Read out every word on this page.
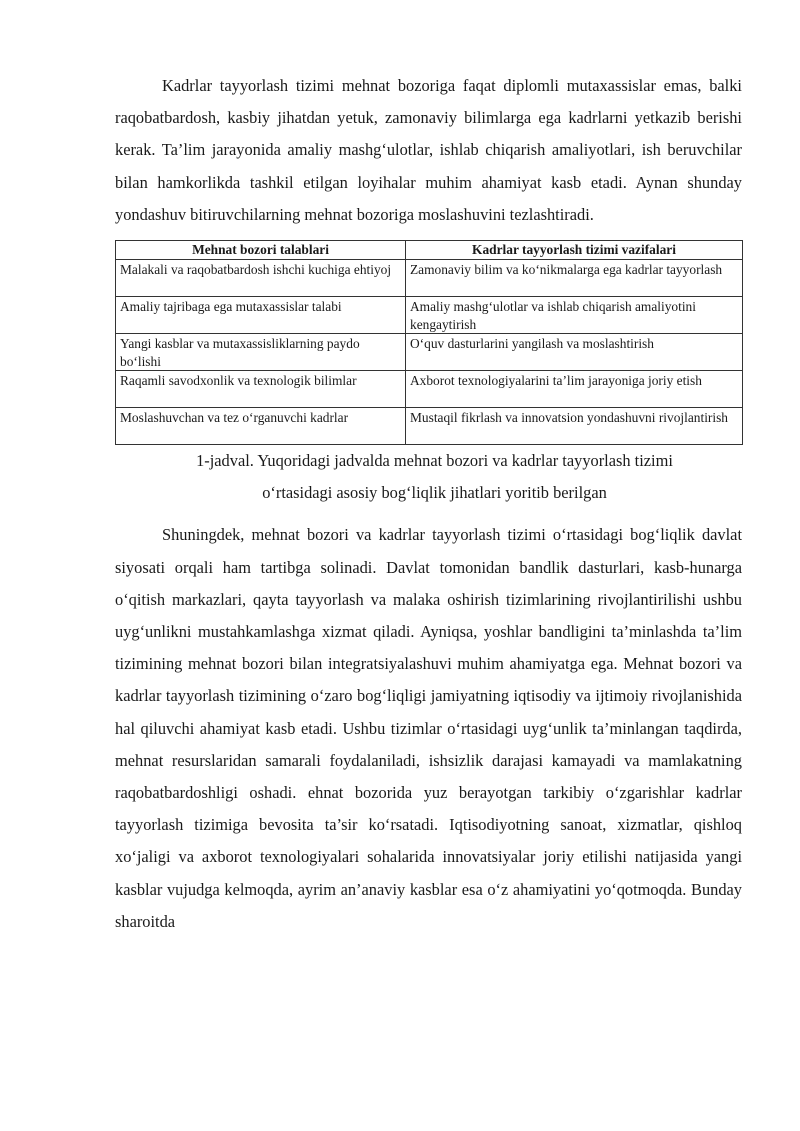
Kadrlar tayyorlash tizimi mehnat bozoriga faqat diplomli mutaxassislar emas, balki raqobatbardosh, kasbiy jihatdan yetuk, zamonaviy bilimlarga ega kadrlarni yetkazib berishi kerak. Ta’lim jarayonida amaliy mashg‘ulotlar, ishlab chiqarish amaliyotlari, ish beruvchilar bilan hamkorlikda tashkil etilgan loyihalar muhim ahamiyat kasb etadi. Aynan shunday yondashuv bitiruvchilarning mehnat bozoriga moslashuvini tezlashtiradi.

Mehnat bozori talablari	Kadrlar tayyorlash tizimi vazifalari
Malakali va raqobatbardosh ishchi kuchiga ehtiyoj	Zamonaviy bilim va ko‘nikmalarga ega kadrlar tayyorlash
Amaliy tajribaga ega mutaxassislar talabi	Amaliy mashg‘ulotlar va ishlab chiqarish amaliyotini kengaytirish
Yangi kasblar va mutaxassisliklarning paydo bo‘lishi	O‘quv dasturlarini yangilash va moslashtirish
Raqamli savodxonlik va texnologik bilimlar	Axborot texnologiyalarini ta’lim jarayoniga joriy etish
Moslashuvchan va tez o‘rganuvchi kadrlar	Mustaqil fikrlash va innovatsion yondashuvni rivojlantirish
1-jadval. Yuqoridagi jadvalda mehnat bozori va kadrlar tayyorlash tizimi
o‘rtasidagi asosiy bog‘liqlik jihatlari yoritib berilgan

Shuningdek, mehnat bozori va kadrlar tayyorlash tizimi o‘rtasidagi bog‘liqlik davlat siyosati orqali ham tartibga solinadi. Davlat tomonidan bandlik dasturlari, kasb-hunarga o‘qitish markazlari, qayta tayyorlash va malaka oshirish tizimlarining rivojlantirilishi ushbu uyg‘unlikni mustahkamlashga xizmat qiladi. Ayniqsa, yoshlar bandligini ta’minlashda ta’lim tizimining mehnat bozori bilan integratsiyalashuvi muhim ahamiyatga ega. Mehnat bozori va kadrlar tayyorlash tizimining o‘zaro bog‘liqligi jamiyatning iqtisodiy va ijtimoiy rivojlanishida hal qiluvchi ahamiyat kasb etadi. Ushbu tizimlar o‘rtasidagi uyg‘unlik ta’minlangan taqdirda, mehnat resurslaridan samarali foydalaniladi, ishsizlik darajasi kamayadi va mamlakatning raqobatbardoshligi oshadi. ehnat bozorida yuz berayotgan tarkibiy o‘zgarishlar kadrlar tayyorlash tizimiga bevosita ta’sir ko‘rsatadi. Iqtisodiyotning sanoat, xizmatlar, qishloq xo‘jaligi va axborot texnologiyalari sohalarida innovatsiyalar joriy etilishi natijasida yangi kasblar vujudga kelmoqda, ayrim an’anaviy kasblar esa o‘z ahamiyatini yo‘qotmoqda. Bunday sharoitda
